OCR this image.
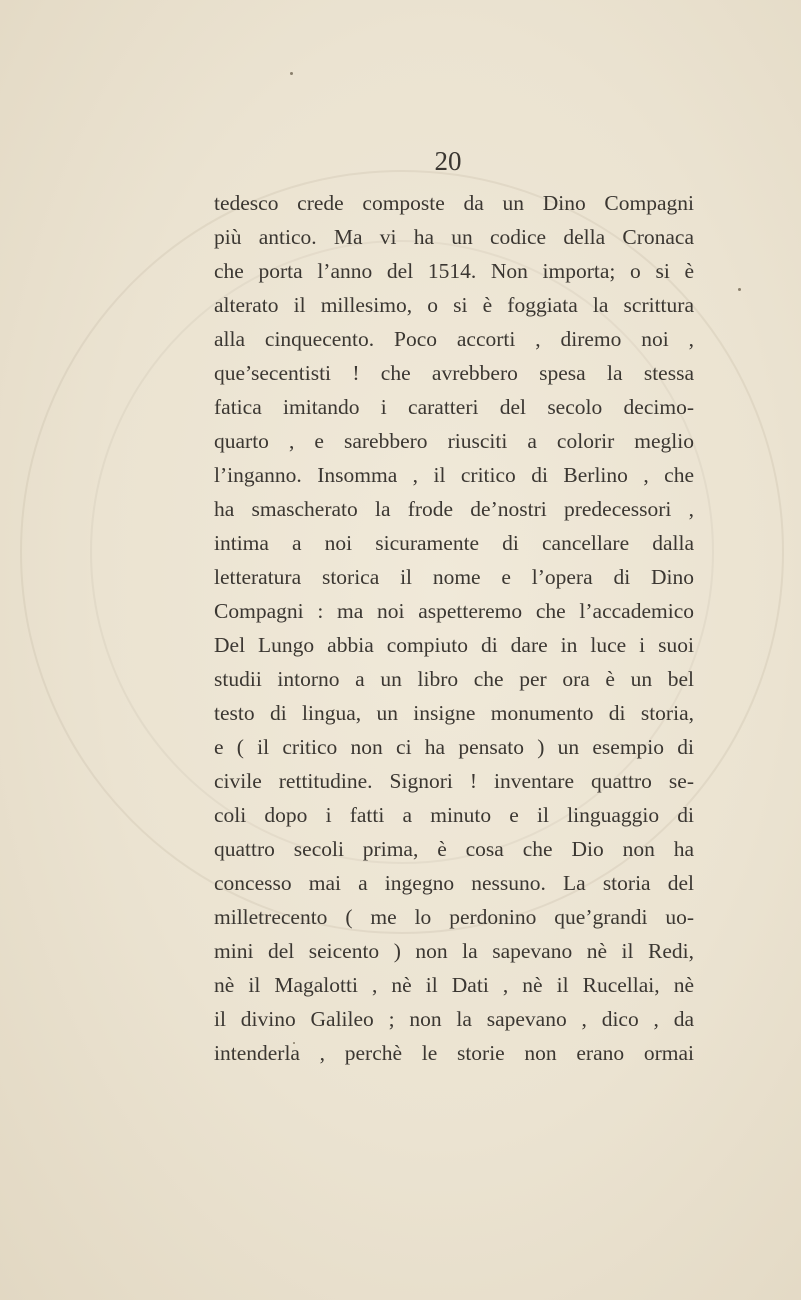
20
tedesco crede composte da un Dino Compagni
più antico. Ma vi ha un codice della Cronaca
che porta l’anno del 1514. Non importa; o si è
alterato il millesimo, o si è foggiata la scrittura
alla cinquecento. Poco accorti , diremo noi ,
que’secentisti ! che avrebbero spesa la stessa
fatica imitando i caratteri del secolo decimo-
quarto , e sarebbero riusciti a colorir meglio
l’inganno. Insomma , il critico di Berlino , che
ha smascherato la frode de’nostri predecessori ,
intima a noi sicuramente di cancellare dalla
letteratura storica il nome e l’opera di Dino
Compagni : ma noi aspetteremo che l’accademico
Del Lungo abbia compiuto di dare in luce i suoi
studii intorno a un libro che per ora è un bel
testo di lingua, un insigne monumento di storia,
e ( il critico non ci ha pensato ) un esempio di
civile rettitudine. Signori ! inventare quattro se-
coli dopo i fatti a minuto e il linguaggio di
quattro secoli prima, è cosa che Dio non ha
concesso mai a ingegno nessuno. La storia del
milletrecento ( me lo perdonino que’grandi uo-
mini del seicento ) non la sapevano nè il Redi,
nè il Magalotti , nè il Dati , nè il Rucellai, nè
il divino Galileo ; non la sapevano , dico , da
intenderla , perchè le storie non erano ormai
